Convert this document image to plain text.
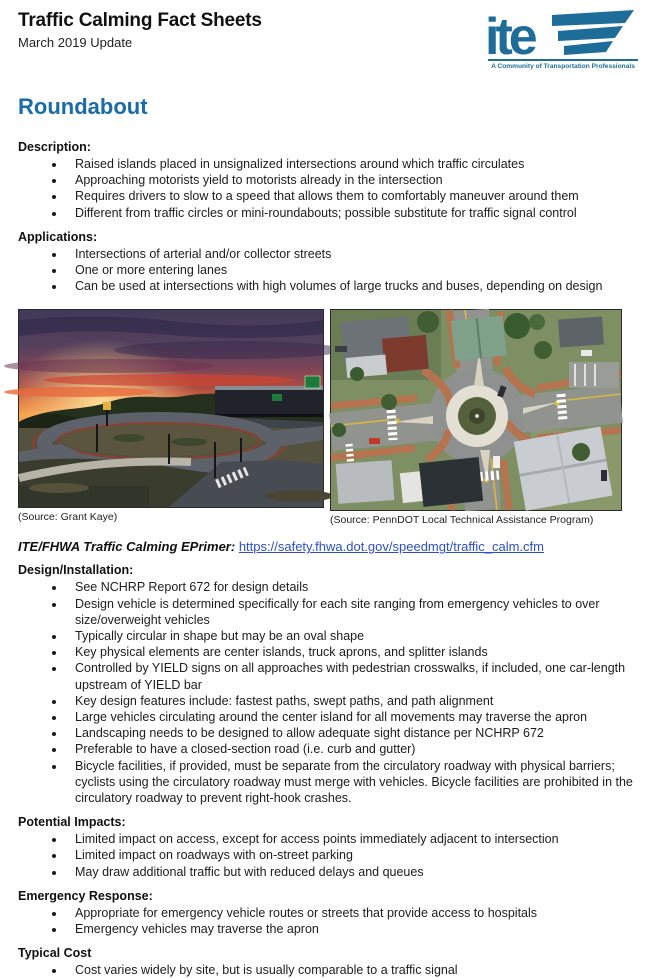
Traffic Calming Fact Sheets
March 2019 Update	ite
A Community of Transportation Professionals
Roundabout
Description:
• Raised islands placed in unsignalized intersections around which traffic circulates
• Approaching motorists yield to motorists already in the intersection
• Requires drivers to slow to a speed that allows them to comfortably maneuver around them
• Different from traffic circles or mini-roundabouts; possible substitute for traffic signal control
Applications:
• Intersections of arterial and/or collector streets
• One or more entering lanes
• Can be used at intersections with high volumes of large trucks and buses, depending on design
(Source: Grant Kaye)	(Source: PennDOT Local Technical Assistance Program)

ITE/FHWA Traffic Calming EPrimer: https://safety.fhwa.dot.gov/speedmgt/traffic_calm.cfm

Design/Installation:
• See NCHRP Report 672 for design details
• Design vehicle is determined specifically for each site ranging from emergency vehicles to over size/overweight vehicles
• Typically circular in shape but may be an oval shape
• Key physical elements are center islands, truck aprons, and splitter islands
• Controlled by YIELD signs on all approaches with pedestrian crosswalks, if included, one car-length upstream of YIELD bar
• Key design features include: fastest paths, swept paths, and path alignment
• Large vehicles circulating around the center island for all movements may traverse the apron
• Landscaping needs to be designed to allow adequate sight distance per NCHRP 672
• Preferable to have a closed-section road (i.e. curb and gutter)
• Bicycle facilities, if provided, must be separate from the circulatory roadway with physical barriers; cyclists using the circulatory roadway must merge with vehicles. Bicycle facilities are prohibited in the circulatory roadway to prevent right-hook crashes.
Potential Impacts:
• Limited impact on access, except for access points immediately adjacent to intersection
• Limited impact on roadways with on-street parking
• May draw additional traffic but with reduced delays and queues
Emergency Response:
• Appropriate for emergency vehicle routes or streets that provide access to hospitals
• Emergency vehicles may traverse the apron
Typical Cost
• Cost varies widely by site, but is usually comparable to a traffic signal
